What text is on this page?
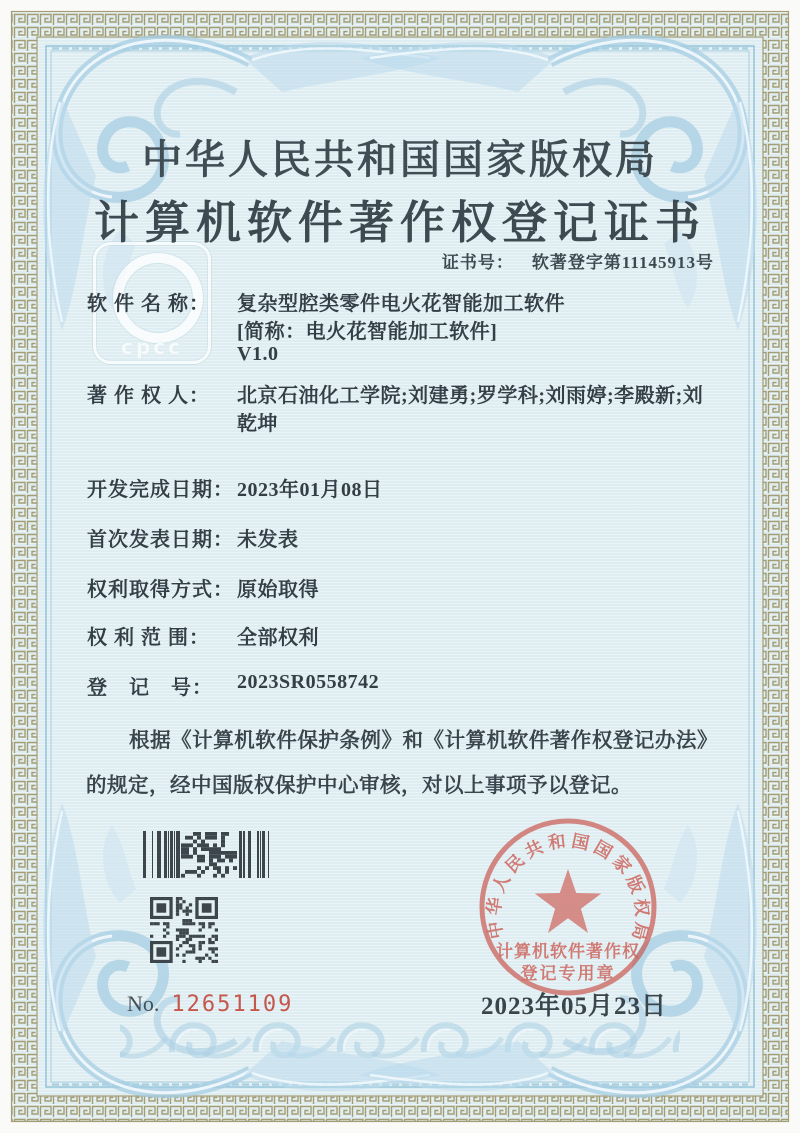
cpcc
中华人民共和国国家版权局
计算机软件著作权登记证书
证书号： 软著登字第11145913号
软 件 名 称： 复杂型腔类零件电火花智能加工软件
[简称：电火花智能加工软件]
V1.0
著 作 权 人： 北京石油化工学院;刘建勇;罗学科;刘雨婷;李殿新;刘
乾坤
开发完成日期： 2023年01月08日
首次发表日期： 未发表
权利取得方式： 原始取得
权 利 范 围： 全部权利
登　记　号： 2023SR0558742
根据《计算机软件保护条例》和《计算机软件著作权登记办法》的规定，经中国版权保护中心审核，对以上事项予以登记。
No. 12651109
中华人民共和国国家版权局
计算机软件著作权
登记专用章
2023年05月23日
